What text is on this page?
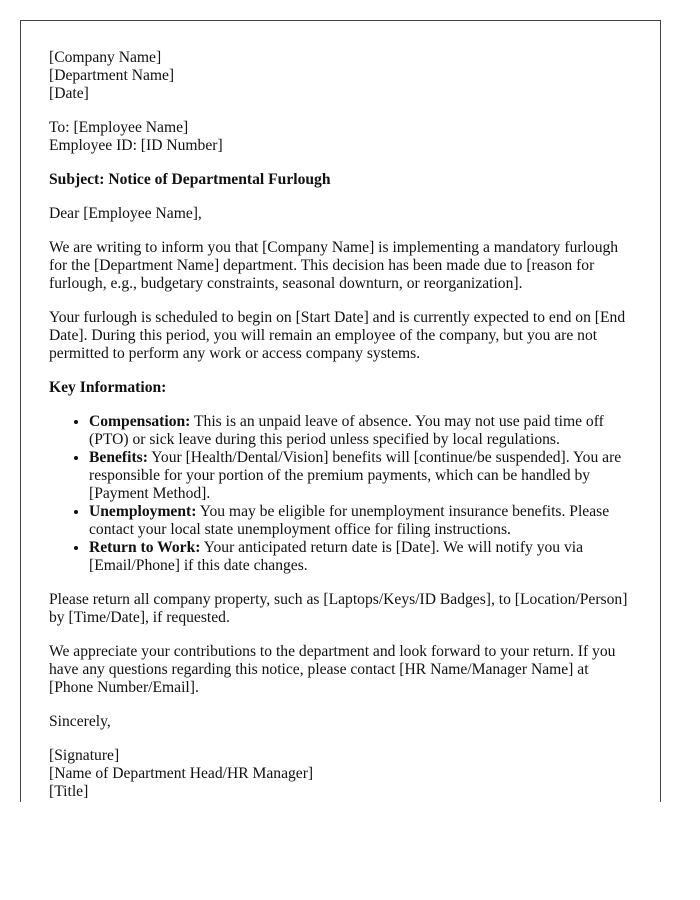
[Company Name]
[Department Name]
[Date]

To: [Employee Name]
Employee ID: [ID Number]

Subject: Notice of Departmental Furlough

Dear [Employee Name],

We are writing to inform you that [Company Name] is implementing a mandatory furlough for the [Department Name] department. This decision has been made due to [reason for furlough, e.g., budgetary constraints, seasonal downturn, or reorganization].

Your furlough is scheduled to begin on [Start Date] and is currently expected to end on [End Date]. During this period, you will remain an employee of the company, but you are not permitted to perform any work or access company systems.

Key Information:

• Compensation: This is an unpaid leave of absence. You may not use paid time off (PTO) or sick leave during this period unless specified by local regulations.
• Benefits: Your [Health/Dental/Vision] benefits will [continue/be suspended]. You are responsible for your portion of the premium payments, which can be handled by [Payment Method].
• Unemployment: You may be eligible for unemployment insurance benefits. Please contact your local state unemployment office for filing instructions.
• Return to Work: Your anticipated return date is [Date]. We will notify you via [Email/Phone] if this date changes.

Please return all company property, such as [Laptops/Keys/ID Badges], to [Location/Person] by [Time/Date], if requested.

We appreciate your contributions to the department and look forward to your return. If you have any questions regarding this notice, please contact [HR Name/Manager Name] at [Phone Number/Email].

Sincerely,

[Signature]
[Name of Department Head/HR Manager]
[Title]
